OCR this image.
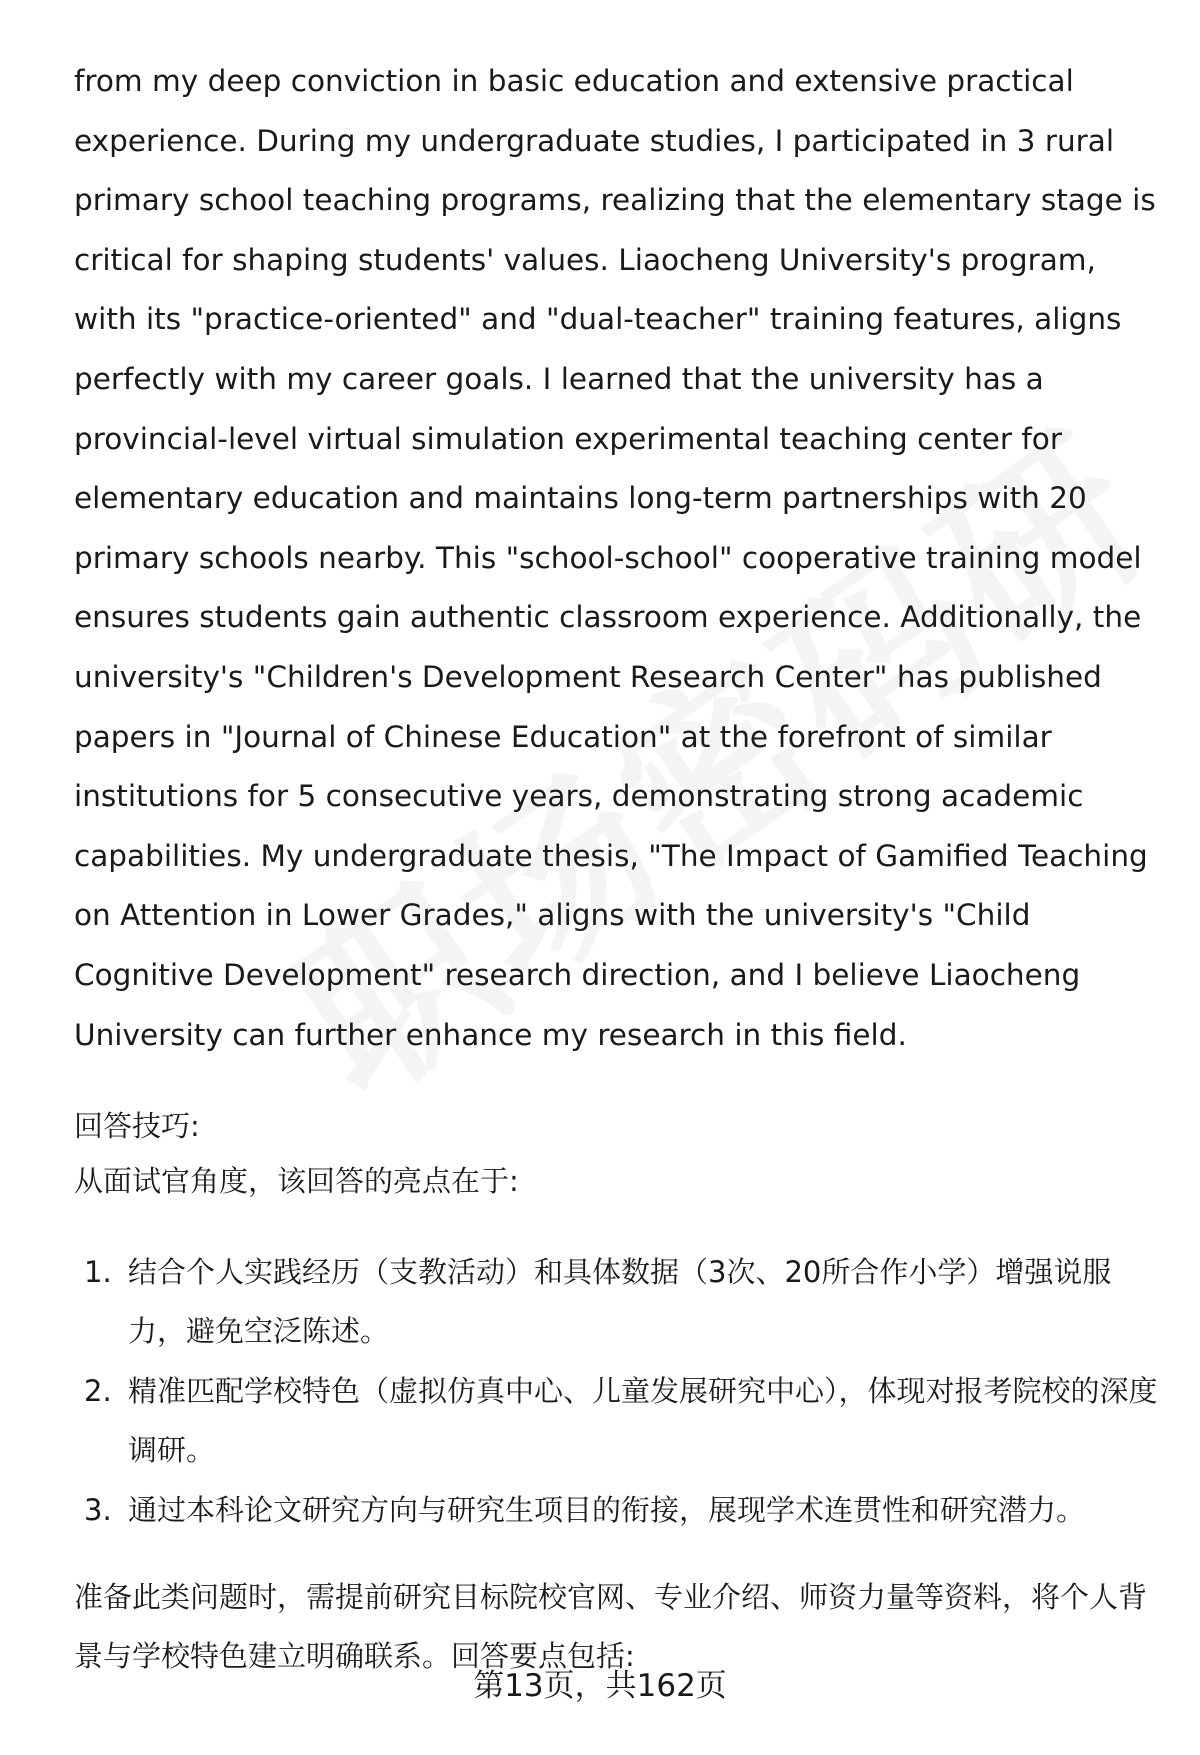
from my deep conviction in basic education and extensive practical experience. During my undergraduate studies, I participated in 3 rural primary school teaching programs, realizing that the elementary stage is critical for shaping students' values. Liaocheng University's program, with its "practice-oriented" and "dual-teacher" training features, aligns perfectly with my career goals. I learned that the university has a provincial-level virtual simulation experimental teaching center for elementary education and maintains long-term partnerships with 20 primary schools nearby. This "school-school" cooperative training model ensures students gain authentic classroom experience. Additionally, the university's "Children's Development Research Center" has published papers in "Journal of Chinese Education" at the forefront of similar institutions for 5 consecutive years, demonstrating strong academic capabilities. My undergraduate thesis, "The Impact of Gamified Teaching on Attention in Lower Grades," aligns with the university's "Child Cognitive Development" research direction, and I believe Liaocheng University can further enhance my research in this field.

回答技巧:

从面试官角度，该回答的亮点在于:

1. 结合个人实践经历（支教活动）和具体数据（3次、20所合作小学）增强说服力，避免空泛陈述。
2. 精准匹配学校特色（虚拟仿真中心、儿童发展研究中心），体现对报考院校的深度调研。
3. 通过本科论文研究方向与研究生项目的衔接，展现学术连贯性和研究潜力。

准备此类问题时，需提前研究目标院校官网、专业介绍、师资力量等资料，将个人背景与学校特色建立明确联系。回答要点包括:

第13页，共162页
